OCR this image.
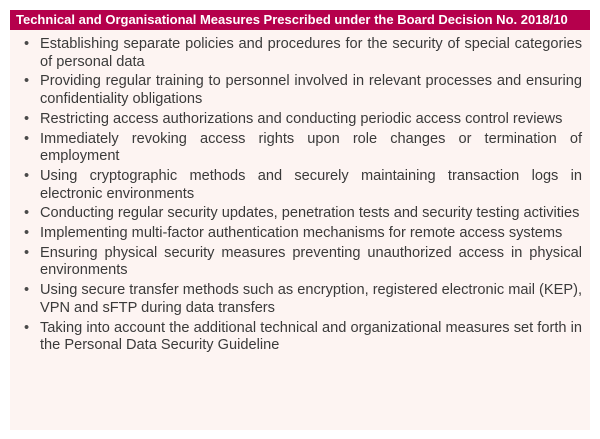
Technical and Organisational Measures Prescribed under the Board Decision No. 2018/10
• Establishing separate policies and procedures for the security of special categories of personal data
• Providing regular training to personnel involved in relevant processes and ensuring confidentiality obligations
• Restricting access authorizations and conducting periodic access control reviews
• Immediately revoking access rights upon role changes or termination of employment
• Using cryptographic methods and securely maintaining transaction logs in electronic environments
• Conducting regular security updates, penetration tests and security testing activities
• Implementing multi-factor authentication mechanisms for remote access systems
• Ensuring physical security measures preventing unauthorized access in physical environments
• Using secure transfer methods such as encryption, registered electronic mail (KEP), VPN and sFTP during data transfers
• Taking into account the additional technical and organizational measures set forth in the Personal Data Security Guideline
